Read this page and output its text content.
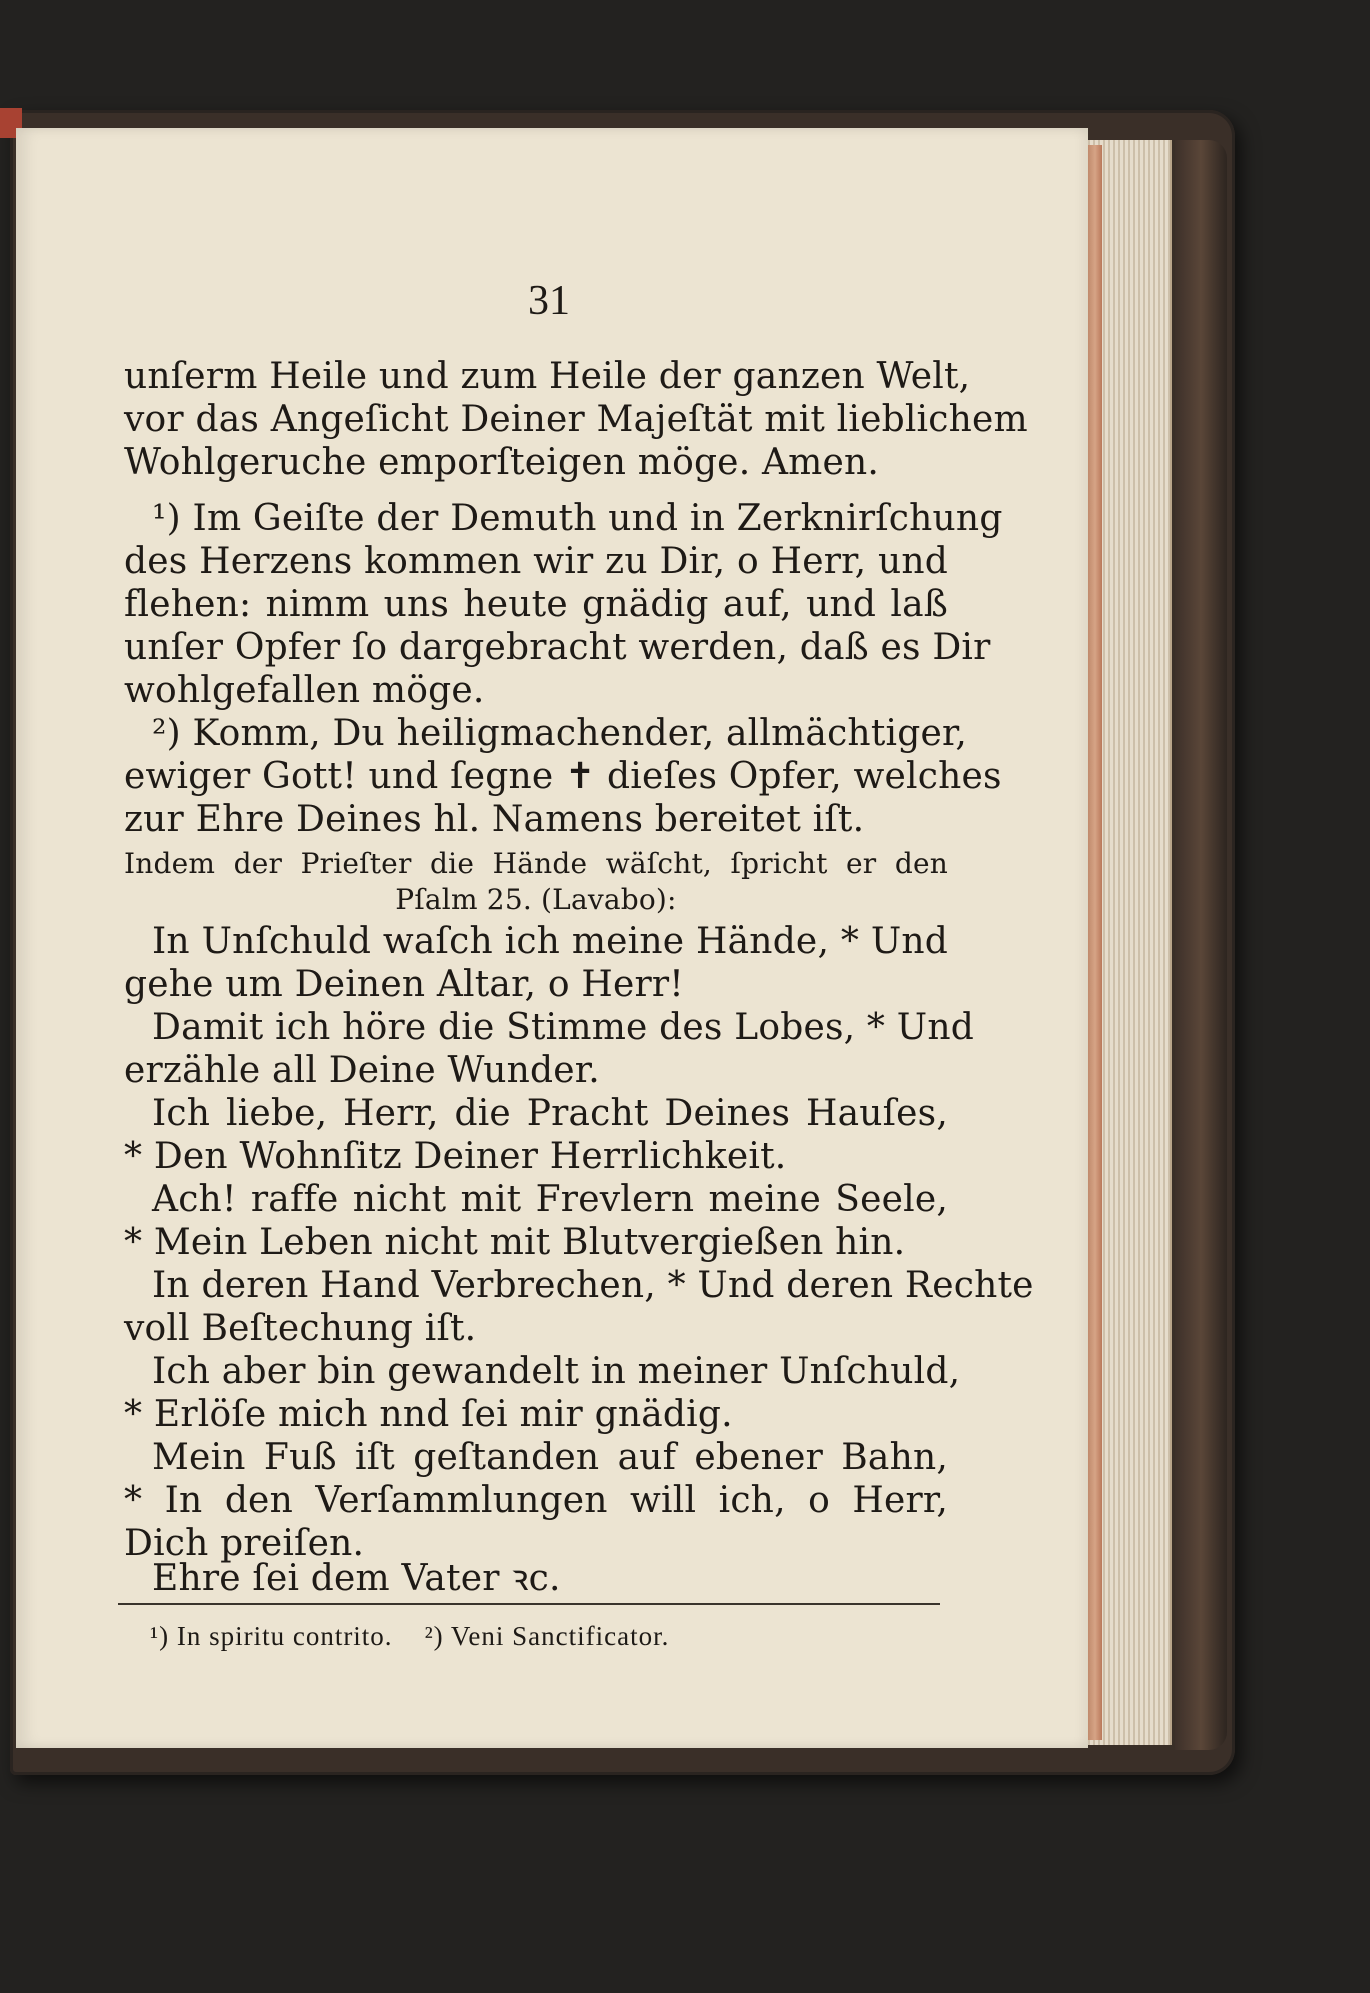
31
unſerm Heile und zum Heile der ganzen Welt,
vor das Angeſicht Deiner Majeſtät mit lieblichem
Wohlgeruche emporſteigen möge. Amen.
¹) Im Geiſte der Demuth und in Zerknirſchung
des Herzens kommen wir zu Dir, o Herr, und
flehen: nimm uns heute gnädig auf, und laß
unſer Opfer ſo dargebracht werden, daß es Dir
wohlgefallen möge.
²) Komm, Du heiligmachender, allmächtiger,
ewiger Gott! und ſegne ✝ dieſes Opfer, welches
zur Ehre Deines hl. Namens bereitet iſt.
Indem der Prieſter die Hände wäſcht, ſpricht er den
Pſalm 25. (Lavabo):
In Unſchuld waſch ich meine Hände, * Und
gehe um Deinen Altar, o Herr!
Damit ich höre die Stimme des Lobes, * Und
erzähle all Deine Wunder.
Ich liebe, Herr, die Pracht Deines Hauſes,
* Den Wohnſitz Deiner Herrlichkeit.
Ach! raffe nicht mit Frevlern meine Seele,
* Mein Leben nicht mit Blutvergießen hin.
In deren Hand Verbrechen, * Und deren Rechte
voll Beſtechung iſt.
Ich aber bin gewandelt in meiner Unſchuld,
* Erlöſe mich nnd ſei mir gnädig.
Mein Fuß iſt geſtanden auf ebener Bahn,
* In den Verſammlungen will ich, o Herr,
Dich preiſen.
Ehre ſei dem Vater ꝛc.
¹) In spiritu contrito. ²) Veni Sanctificator.
